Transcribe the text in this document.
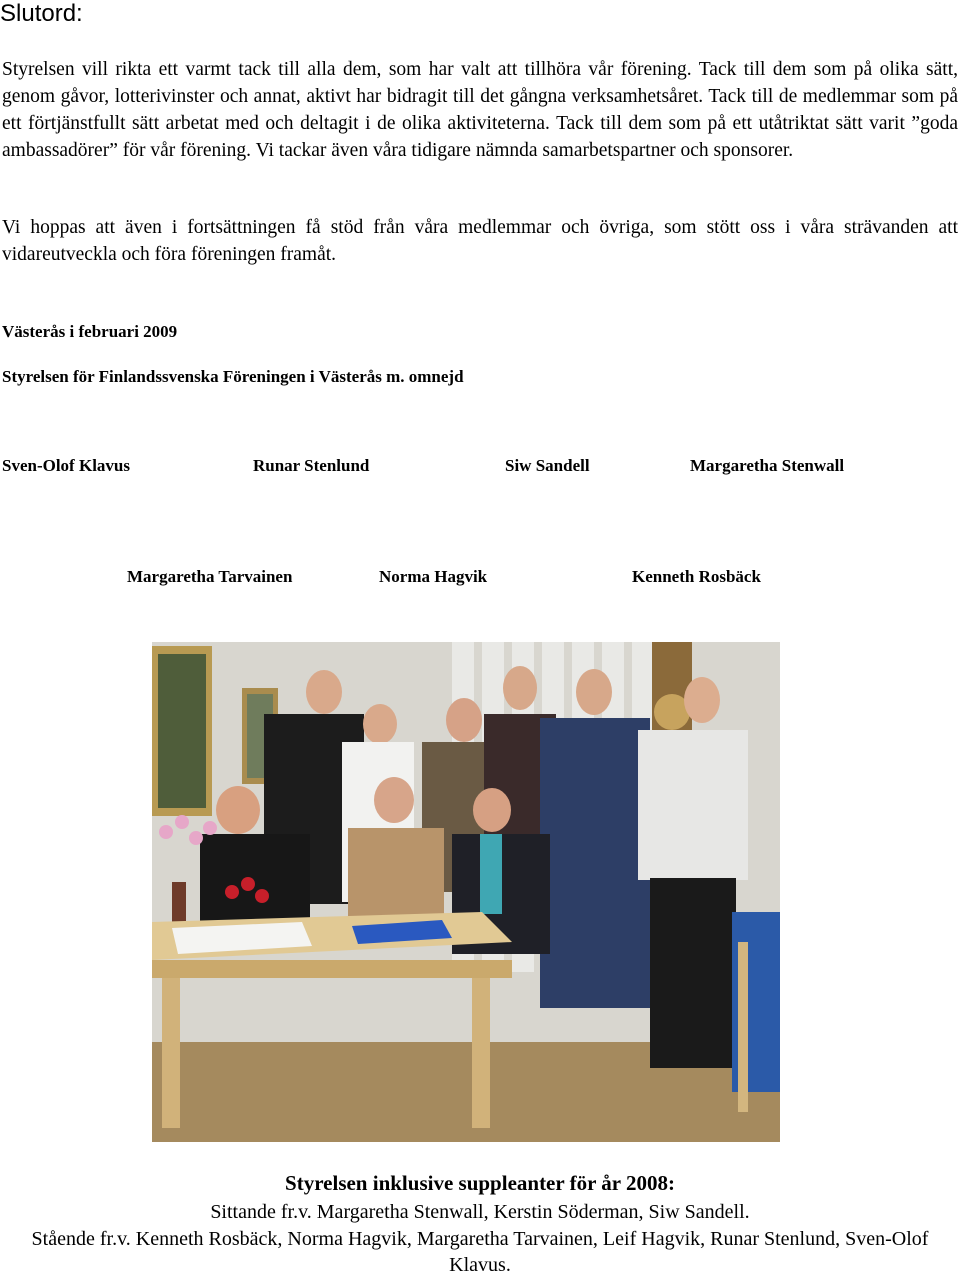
Slutord:

Styrelsen vill rikta ett varmt tack till alla dem, som har valt att tillhöra vår förening. Tack till dem som på olika sätt, genom gåvor, lotterivinster och annat, aktivt har bidragit till det gångna verksamhetsåret. Tack till de medlemmar som på ett förtjänstfullt sätt arbetat med och deltagit i de olika aktiviteterna. Tack till dem som på ett utåtriktat sätt varit ”goda ambassadörer” för vår förening. Vi tackar även våra tidigare nämnda samarbetspartner och sponsorer.

Vi hoppas att även i fortsättningen få stöd från våra medlemmar och övriga, som stött oss i våra strävanden att vidareutveckla och föra föreningen framåt.

Västerås i februari 2009

Styrelsen för Finlandssvenska Föreningen i Västerås m. omnejd

Sven-Olof Klavus	Runar Stenlund	Siw Sandell	Margaretha Stenwall
Margaretha Tarvainen	Norma Hagvik	Kenneth Rosbäck

Styrelsen inklusive suppleanter för år 2008:

Sittande fr.v. Margaretha Stenwall, Kerstin Söderman, Siw Sandell.

Stående fr.v. Kenneth Rosbäck, Norma Hagvik, Margaretha Tarvainen, Leif Hagvik, Runar Stenlund, Sven-Olof Klavus.
